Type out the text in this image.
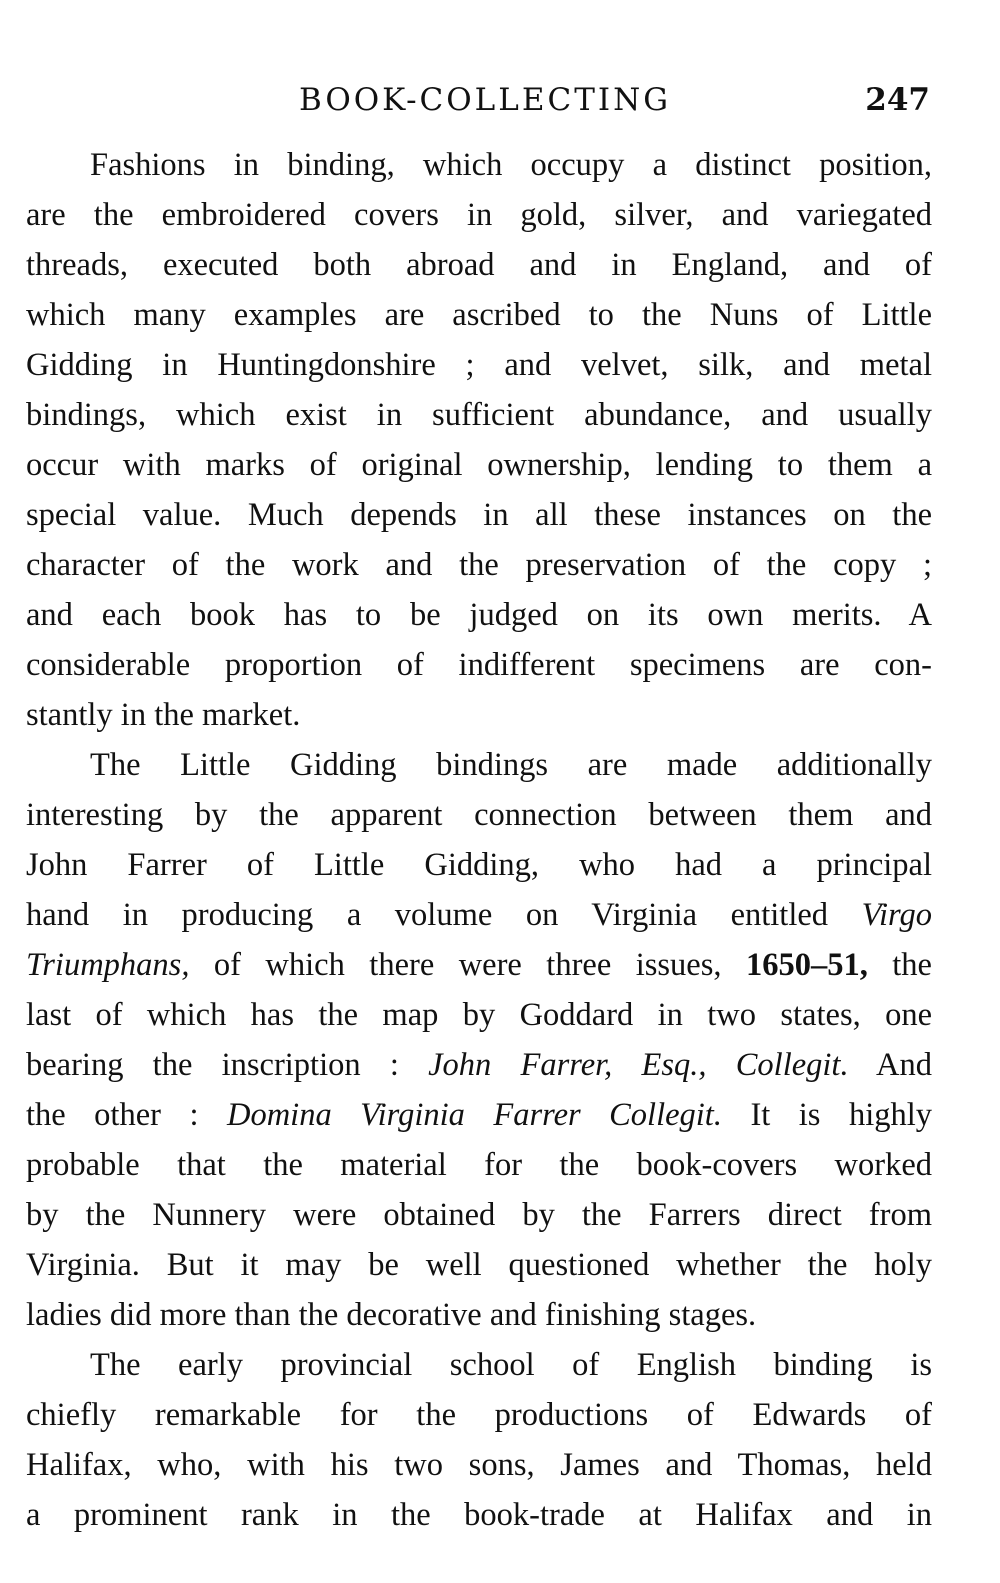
BOOK-COLLECTING	247
Fashions in binding, which occupy a distinct position,
are the embroidered covers in gold, silver, and variegated
threads, executed both abroad and in England, and of
which many examples are ascribed to the Nuns of Little
Gidding in Huntingdonshire ; and velvet, silk, and metal
bindings, which exist in sufficient abundance, and usually
occur with marks of original ownership, lending to them a
special value. Much depends in all these instances on the
character of the work and the preservation of the copy ;
and each book has to be judged on its own merits. A
considerable proportion of indifferent specimens are con-
stantly in the market.
The Little Gidding bindings are made additionally
interesting by the apparent connection between them and
John Farrer of Little Gidding, who had a principal
hand in producing a volume on Virginia entitled Virgo
Triumphans, of which there were three issues, 1650–51, the
last of which has the map by Goddard in two states, one
bearing the inscription : John Farrer, Esq., Collegit. And
the other : Domina Virginia Farrer Collegit. It is highly
probable that the material for the book-covers worked
by the Nunnery were obtained by the Farrers direct from
Virginia. But it may be well questioned whether the holy
ladies did more than the decorative and finishing stages.
The early provincial school of English binding is
chiefly remarkable for the productions of Edwards of
Halifax, who, with his two sons, James and Thomas, held
a prominent rank in the book-trade at Halifax and in
